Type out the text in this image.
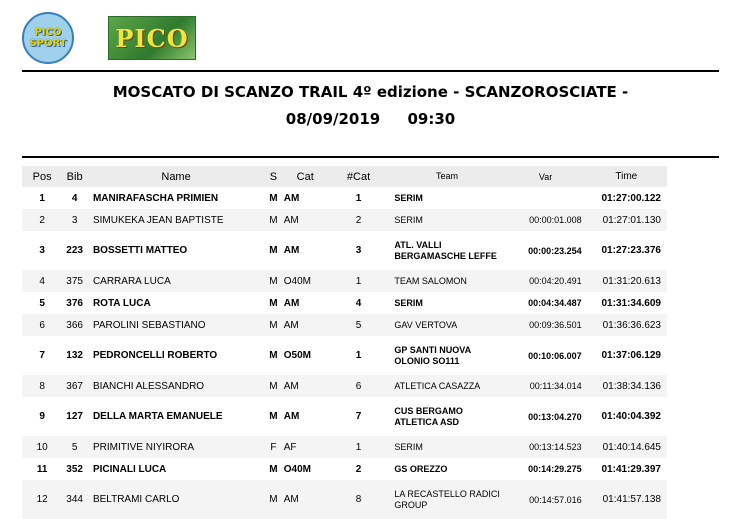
PICO
SPORT PICO
MOSCATO DI SCANZO TRAIL 4º edizione - SCANZOROSCIATE -
08/09/2019 09:30
Pos	Bib	Name	S	Cat	#Cat	Team	Var	Time
1	4	MANIRAFASCHA PRIMIEN	M	AM	1	SERIM		01:27:00.122
2	3	SIMUKEKA JEAN BAPTISTE	M	AM	2	SERIM	00:00:01.008	01:27:01.130
3	223	BOSSETTI MATTEO	M	AM	3	ATL. VALLI BERGAMASCHE LEFFE	00:00:23.254	01:27:23.376
4	375	CARRARA LUCA	M	O40M	1	TEAM SALOMON	00:04:20.491	01:31:20.613
5	376	ROTA LUCA	M	AM	4	SERIM	00:04:34.487	01:31:34.609
6	366	PAROLINI SEBASTIANO	M	AM	5	GAV VERTOVA	00:09:36.501	01:36:36.623
7	132	PEDRONCELLI ROBERTO	M	O50M	1	GP SANTI NUOVA OLONIO SO111	00:10:06.007	01:37:06.129
8	367	BIANCHI ALESSANDRO	M	AM	6	ATLETICA CASAZZA	00:11:34.014	01:38:34.136
9	127	DELLA MARTA EMANUELE	M	AM	7	CUS BERGAMO ATLETICA ASD	00:13:04.270	01:40:04.392
10	5	PRIMITIVE NIYIRORA	F	AF	1	SERIM	00:13:14.523	01:40:14.645
11	352	PICINALI LUCA	M	O40M	2	GS OREZZO	00:14:29.275	01:41:29.397
12	344	BELTRAMI CARLO	M	AM	8	LA RECASTELLO RADICI GROUP	00:14:57.016	01:41:57.138
